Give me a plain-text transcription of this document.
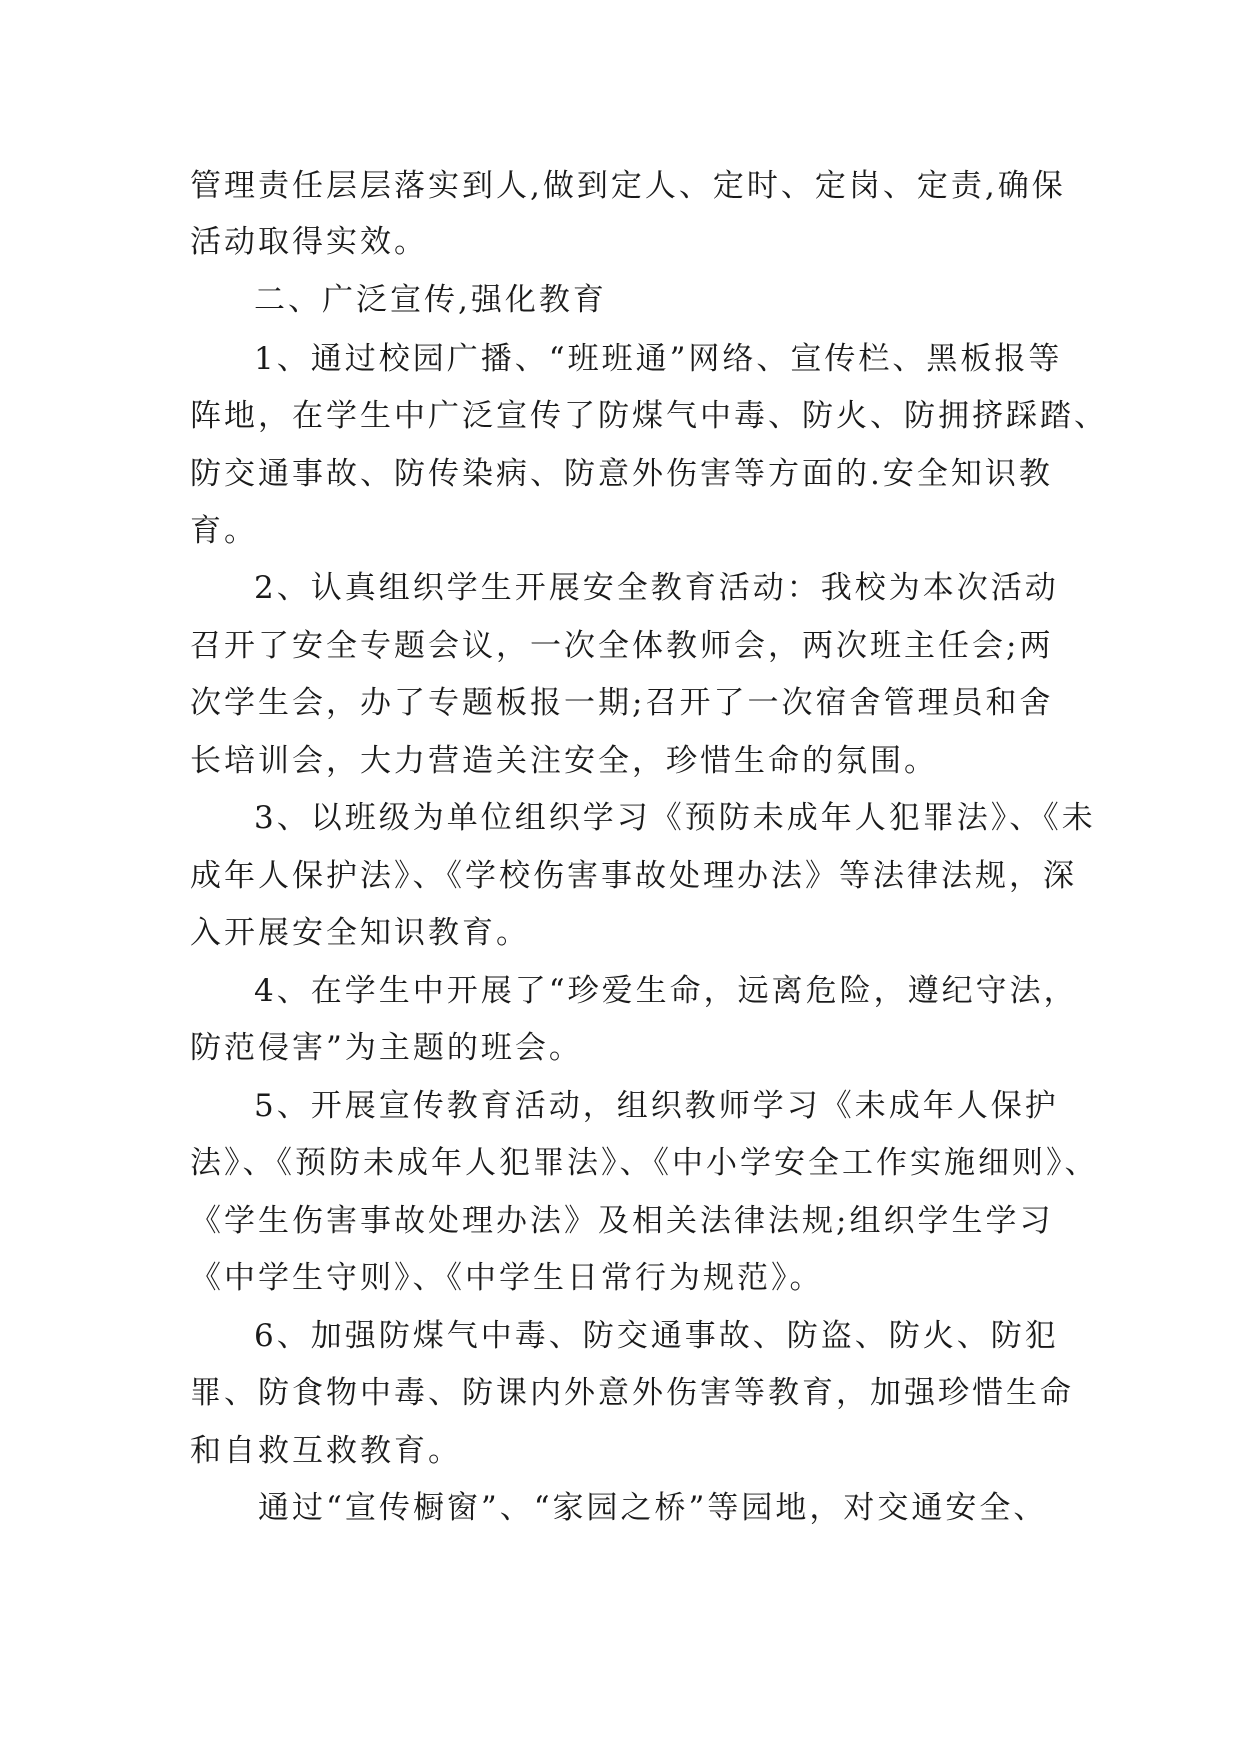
管理责任层层落实到人,做到定人、定时、定岗、定责,确保
活动取得实效。
二、广泛宣传,强化教育
1、通过校园广播、“班班通”网络、宣传栏、黑板报等
阵地，在学生中广泛宣传了防煤气中毒、防火、防拥挤踩踏、
防交通事故、防传染病、防意外伤害等方面的.安全知识教
育。
2、认真组织学生开展安全教育活动：我校为本次活动
召开了安全专题会议，一次全体教师会，两次班主任会;两
次学生会，办了专题板报一期;召开了一次宿舍管理员和舍
长培训会，大力营造关注安全，珍惜生命的氛围。
3、以班级为单位组织学习《预防未成年人犯罪法》、《未
成年人保护法》、《学校伤害事故处理办法》等法律法规，深
入开展安全知识教育。
4、在学生中开展了“珍爱生命，远离危险，遵纪守法，
防范侵害”为主题的班会。
5、开展宣传教育活动，组织教师学习《未成年人保护
法》、《预防未成年人犯罪法》、《中小学安全工作实施细则》、
《学生伤害事故处理办法》及相关法律法规;组织学生学习
《中学生守则》、《中学生日常行为规范》。
6、加强防煤气中毒、防交通事故、防盗、防火、防犯
罪、防食物中毒、防课内外意外伤害等教育，加强珍惜生命
和自救互救教育。
通过“宣传橱窗”、“家园之桥”等园地，对交通安全、
